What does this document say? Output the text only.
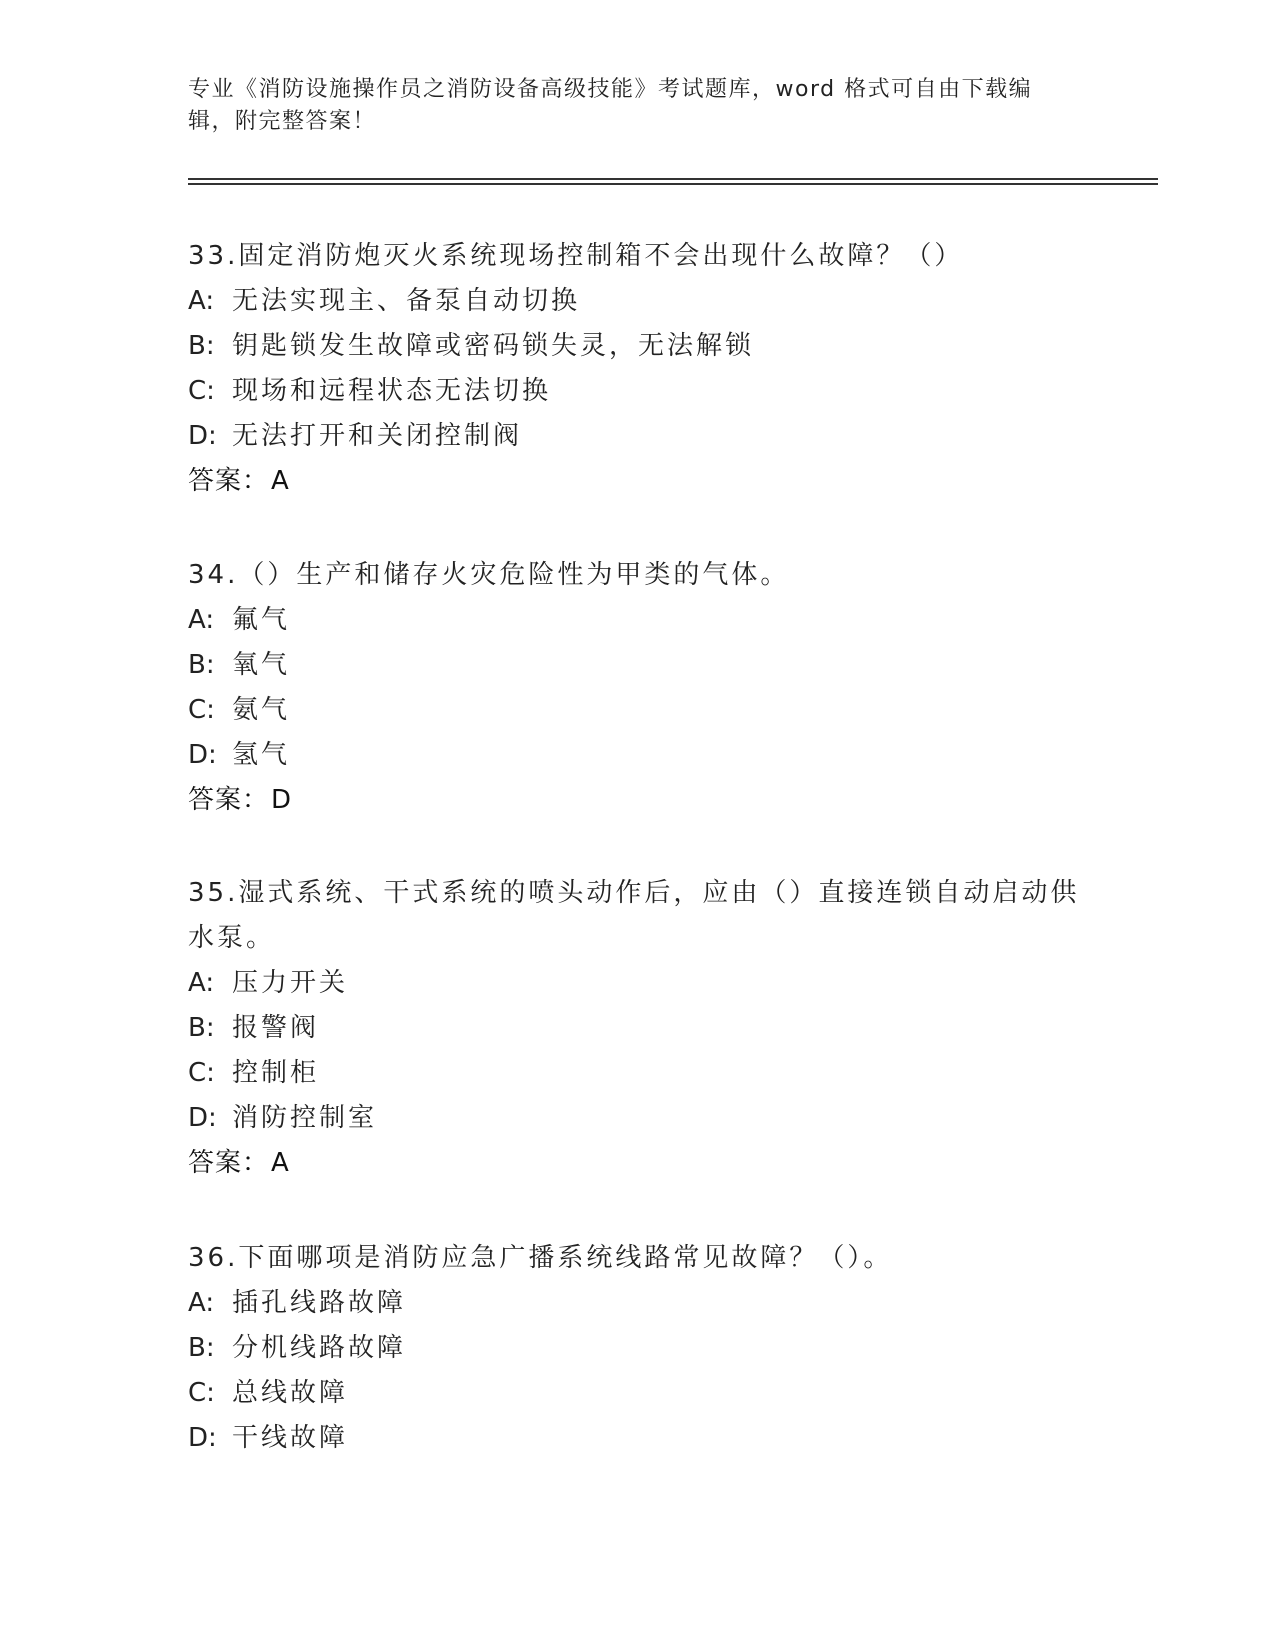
专业《消防设施操作员之消防设备高级技能》考试题库，word 格式可自由下载编辑，附完整答案！
33.固定消防炮灭火系统现场控制箱不会出现什么故障？（）
A: 无法实现主、备泵自动切换
B: 钥匙锁发生故障或密码锁失灵，无法解锁
C: 现场和远程状态无法切换
D: 无法打开和关闭控制阀
答案：A
34.（）生产和储存火灾危险性为甲类的气体。
A: 氟气
B: 氧气
C: 氨气
D: 氢气
答案：D
35.湿式系统、干式系统的喷头动作后，应由（）直接连锁自动启动供水泵。
A: 压力开关
B: 报警阀
C: 控制柜
D: 消防控制室
答案：A
36.下面哪项是消防应急广播系统线路常见故障？（）。
A: 插孔线路故障
B: 分机线路故障
C: 总线故障
D: 干线故障
